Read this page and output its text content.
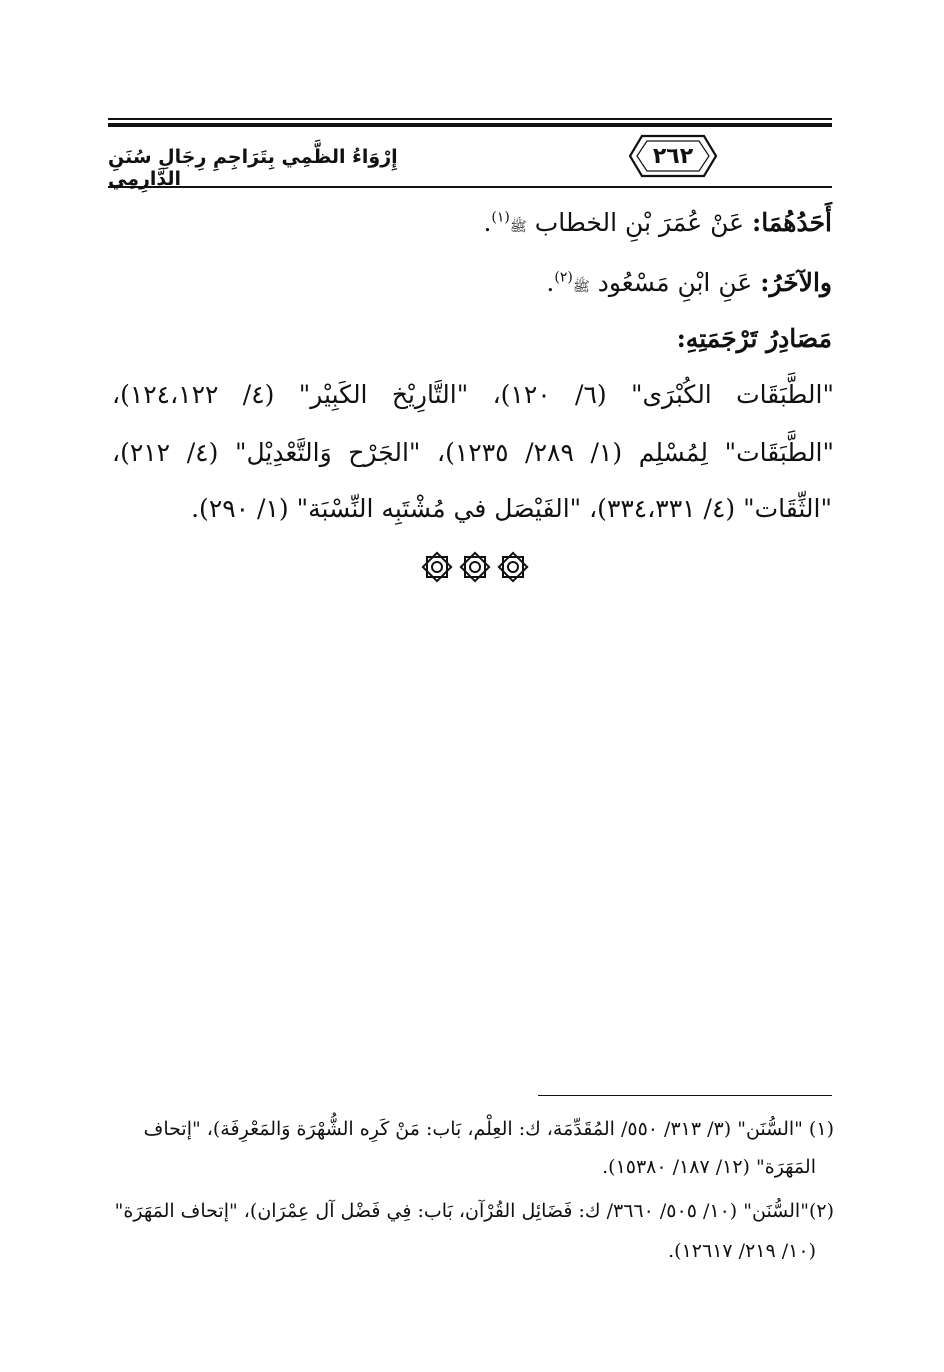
٢٦٢
إِرْوَاءُ الظَّمِي بِتَرَاجِمِ رِجَالِ سُنَنِ الدَّارِمِي
أَحَدُهُمَا: عَنْ عُمَرَ بْنِ الخطاب ﷺ$^{(١)}$.
والآخَرُ: عَنِ ابْنِ مَسْعُود ﷺ$^{(٢)}$.
مَصَادِرُ تَرْجَمَتِهِ:
"الطَّبَقَات الكُبْرَى" (٦/ ١٢٠)، "التَّارِيْخ الكَبِيْر" (٤/ ١٢٤،١٢٢)،
"الطَّبَقَات" لِمُسْلِم (١/ ٢٨٩/ ١٢٣٥)، "الجَرْح وَالتَّعْدِيْل" (٤/ ٢١٢)،
"الثِّقَات" (٤/ ٣٣٤،٣٣١)، "الفَيْصَل في مُشْتَبِه النِّسْبَة" (١/ ٢٩٠).
(١) "السُّنَن" (٣/ ٣١٣/ ٥٥٠/ المُقَدِّمَة، ك: العِلْم، بَاب: مَنْ كَرِه الشُّهْرَة وَالمَعْرِفَة)، "إتحاف
المَهَرَة" (١٢/ ١٨٧/ ١٥٣٨٠).
(٢)"السُّنَن" (١٠/ ٥٠٥/ ٣٦٦٠/ ك: فَضَائِل القُرْآن، بَاب: فِي فَضْل آل عِمْرَان)، "إتحاف المَهَرَة"
(١٠/ ٢١٩/ ١٢٦١٧).
